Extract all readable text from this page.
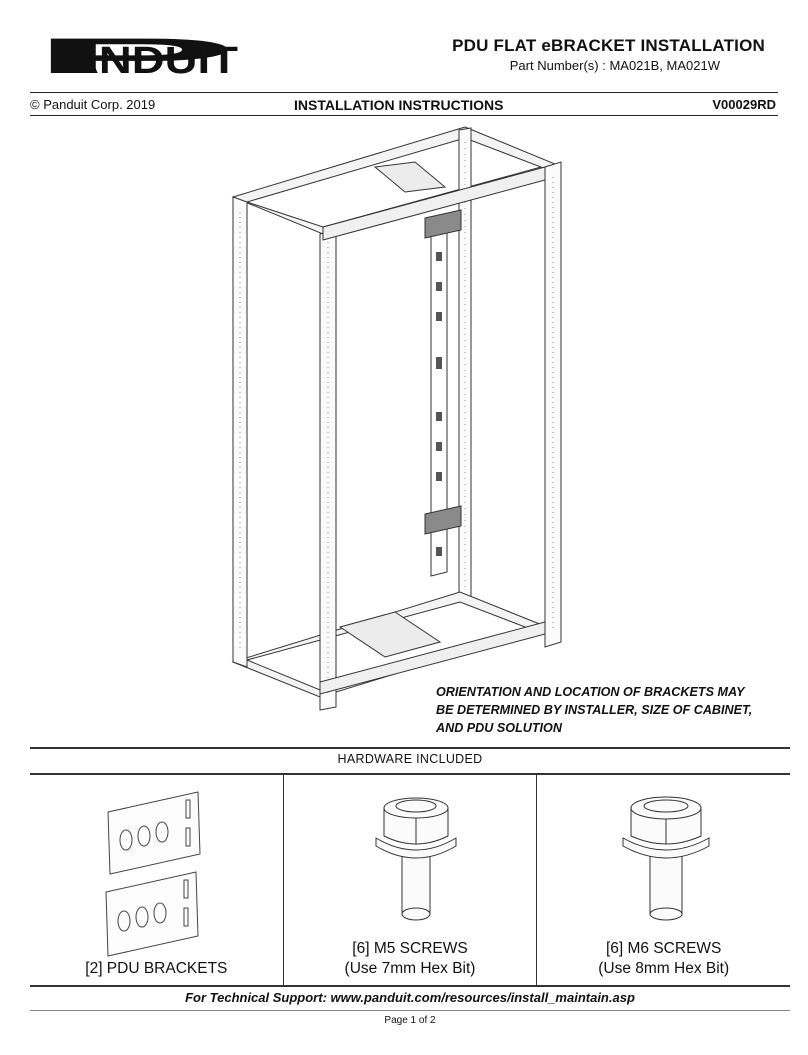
P
ANDUIT	PDU FLAT eBRACKET INSTALLATION
Part Number(s) : MA021B, MA021W
© Panduit Corp. 2019	INSTALLATION INSTRUCTIONS	V00029RD
ORIENTATION AND LOCATION OF BRACKETS MAY
BE DETERMINED BY INSTALLER, SIZE OF CABINET,
AND PDU SOLUTION
HARDWARE INCLUDED
[2] PDU BRACKETS
[6] M5 SCREWS
(Use 7mm Hex Bit)
[6] M6 SCREWS
(Use 8mm Hex Bit)
For Technical Support: www.panduit.com/resources/install_maintain.asp
Page 1 of 2
